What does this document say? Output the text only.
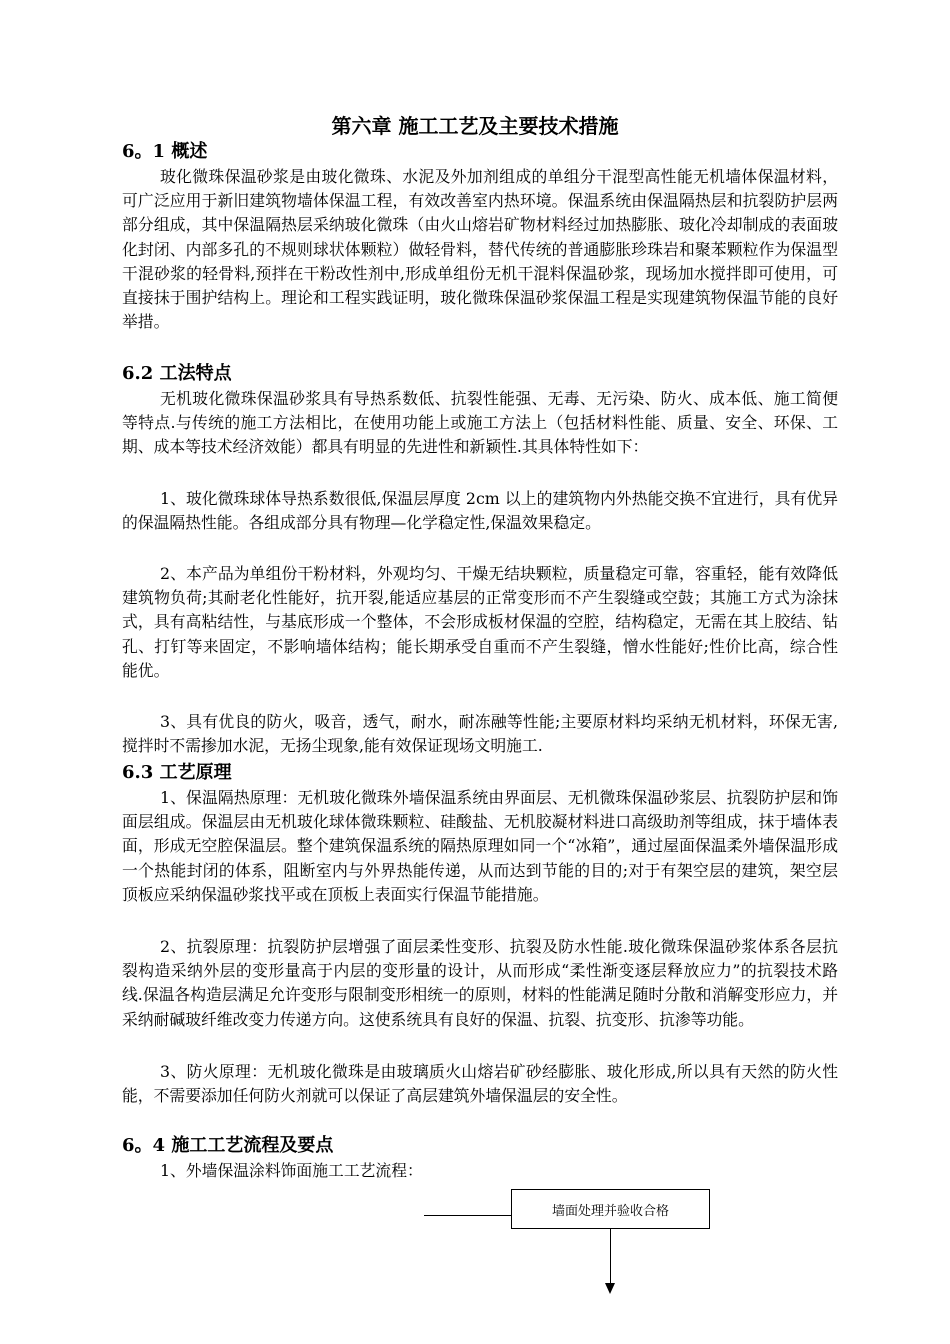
第六章 施工工艺及主要技术措施
6。1 概述

玻化微珠保温砂浆是由玻化微珠、水泥及外加剂组成的单组分干混型高性能无机墙体保温材料，可广泛应用于新旧建筑物墙体保温工程，有效改善室内热环境。保温系统由保温隔热层和抗裂防护层两部分组成，其中保温隔热层采纳玻化微珠（由火山熔岩矿物材料经过加热膨胀、玻化冷却制成的表面玻化封闭、内部多孔的不规则球状体颗粒）做轻骨料，替代传统的普通膨胀珍珠岩和聚苯颗粒作为保温型干混砂浆的轻骨料,预拌在干粉改性剂中,形成单组份无机干混料保温砂浆，现场加水搅拌即可使用，可直接抹于围护结构上。理论和工程实践证明，玻化微珠保温砂浆保温工程是实现建筑物保温节能的良好举措。

6.2 工法特点

无机玻化微珠保温砂浆具有导热系数低、抗裂性能强、无毒、无污染、防火、成本低、施工简便等特点.与传统的施工方法相比，在使用功能上或施工方法上（包括材料性能、质量、安全、环保、工期、成本等技术经济效能）都具有明显的先进性和新颖性.其具体特性如下：

1、玻化微珠球体导热系数很低,保温层厚度 2cm 以上的建筑物内外热能交换不宜进行，具有优异的保温隔热性能。各组成部分具有物理—化学稳定性,保温效果稳定。

2、本产品为单组份干粉材料，外观均匀、干燥无结块颗粒，质量稳定可靠，容重轻，能有效降低建筑物负荷;其耐老化性能好，抗开裂,能适应基层的正常变形而不产生裂缝或空鼓；其施工方式为涂抹式，具有高粘结性，与基底形成一个整体，不会形成板材保温的空腔，结构稳定，无需在其上胶结、钻孔、打钉等来固定，不影响墙体结构；能长期承受自重而不产生裂缝，憎水性能好;性价比高，综合性能优。

3、具有优良的防火，吸音，透气，耐水，耐冻融等性能;主要原材料均采纳无机材料，环保无害,搅拌时不需掺加水泥，无扬尘现象,能有效保证现场文明施工.

6.3 工艺原理

1、保温隔热原理：无机玻化微珠外墙保温系统由界面层、无机微珠保温砂浆层、抗裂防护层和饰面层组成。保温层由无机玻化球体微珠颗粒、硅酸盐、无机胶凝材料进口高级助剂等组成，抹于墙体表面，形成无空腔保温层。整个建筑保温系统的隔热原理如同一个“冰箱”，通过屋面保温柔外墙保温形成一个热能封闭的体系，阻断室内与外界热能传递，从而达到节能的目的;对于有架空层的建筑，架空层顶板应采纳保温砂浆找平或在顶板上表面实行保温节能措施。

2、抗裂原理：抗裂防护层增强了面层柔性变形、抗裂及防水性能.玻化微珠保温砂浆体系各层抗裂构造采纳外层的变形量高于内层的变形量的设计，从而形成“柔性渐变逐层释放应力”的抗裂技术路线.保温各构造层满足允许变形与限制变形相统一的原则，材料的性能满足随时分散和消解变形应力，并采纳耐碱玻纤维改变力传递方向。这使系统具有良好的保温、抗裂、抗变形、抗渗等功能。

3、防火原理：无机玻化微珠是由玻璃质火山熔岩矿砂经膨胀、玻化形成,所以具有天然的防火性能，不需要添加任何防火剂就可以保证了高层建筑外墙保温层的安全性。

6。4 施工工艺流程及要点

1、外墙保温涂料饰面施工工艺流程：

墙面处理并验收合格
